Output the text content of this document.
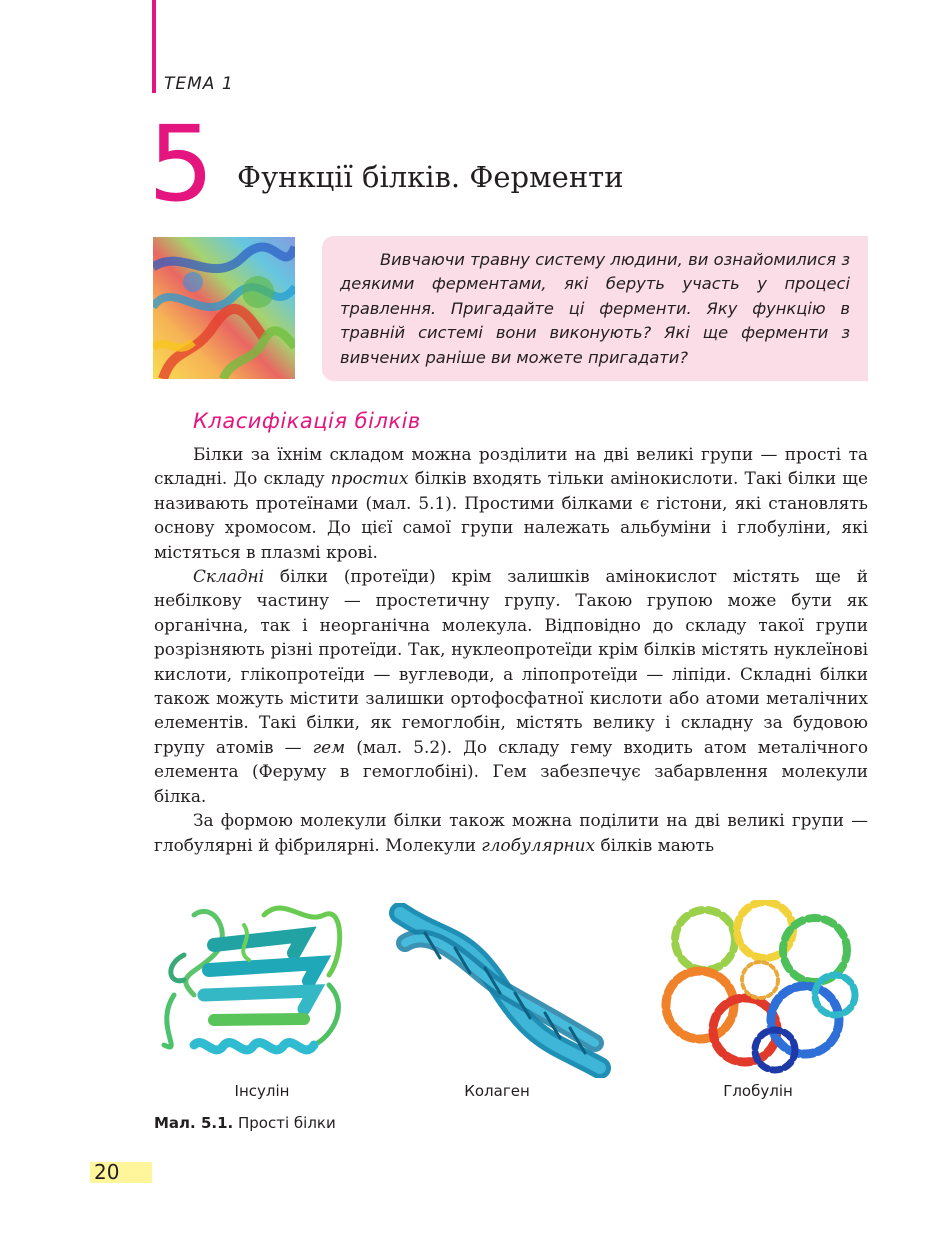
ТЕМА 1
5 Функції білків. Ферменти

Вивчаючи травну систему людини, ви ознайомилися з деякими ферментами, які беруть участь у процесі травлення. Пригадайте ці ферменти. Яку функцію в травній системі вони виконують? Які ще ферменти з вивчених раніше ви можете пригадати?

Класифікація білків

Білки за їхнім складом можна розділити на дві великі групи — прості та складні. До складу простих білків входять тільки амінокислоти. Такі білки ще називають протеїнами (мал. 5.1). Простими білками є гістони, які становлять основу хромосом. До цієї самої групи належать альбуміни і глобуліни, які містяться в плазмі крові.

Складні білки (протеїди) крім залишків амінокислот містять ще й небілкову частину — простетичну групу. Такою групою може бути як органічна, так і неорганічна молекула. Відповідно до складу такої групи розрізняють різні протеїди. Так, нуклеопротеїди крім білків містять нуклеїнові кислоти, глікопротеїди — вуглеводи, а ліпопротеїди — ліпіди. Складні білки також можуть містити залишки ортофосфатної кислоти або атоми металічних елементів. Такі білки, як гемоглобін, містять велику і складну за будовою групу атомів — гем (мал. 5.2). До складу гему входить атом металічного елемента (Феруму в гемоглобіні). Гем забезпечує забарвлення молекули білка.

За формою молекули білки також можна поділити на дві великі групи — глобулярні й фібрилярні. Молекули глобулярних білків мають

Інсулін	Колаген	Глобулін
Мал. 5.1. Прості білки
20
